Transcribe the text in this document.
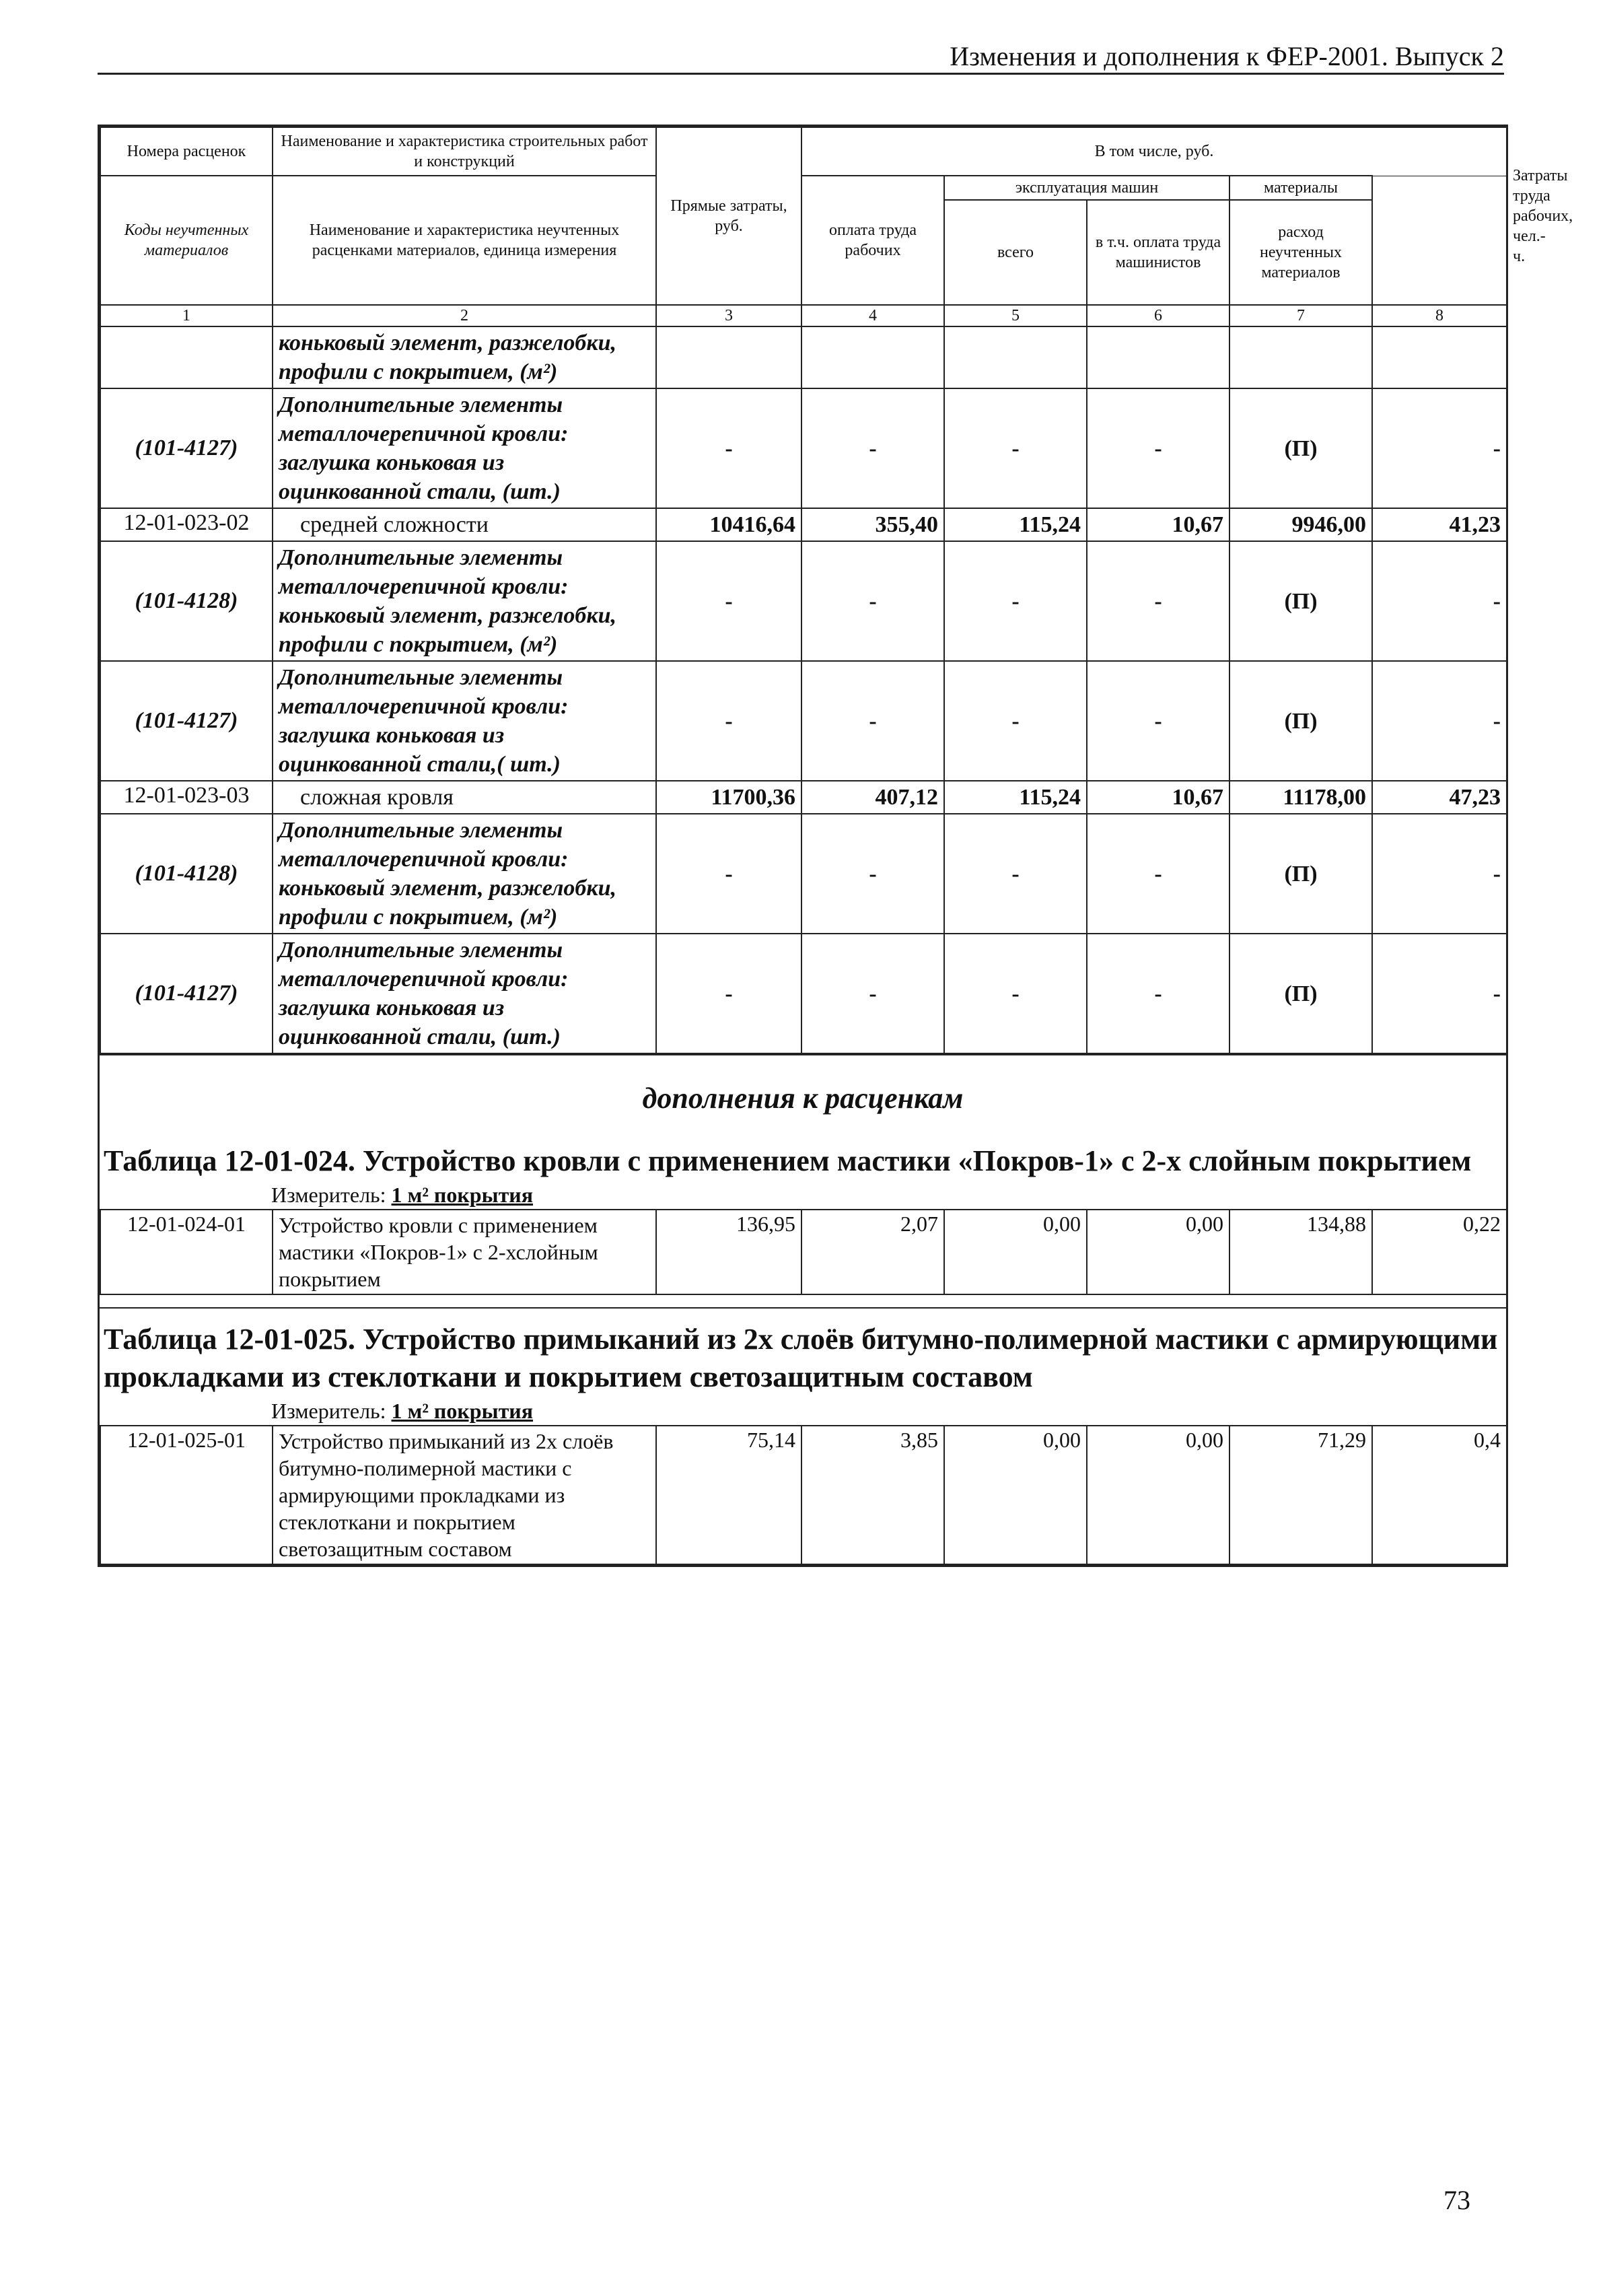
Изменения и дополнения к ФЕР-2001. Выпуск 2
Номера расценок	Наименование и характеристика строительных работ и конструкций	Прямые затраты, руб.	В том числе, руб.					Затраты труда рабочих, чел.-ч.
Коды неучтенных материалов	Наименование и характеристика неучтенных расценками материалов, единица измерения		оплата труда рабочих	эксплуатация машин		материалы	
				всего	в т.ч. оплата труда машинистов	расход неучтенных материалов		
1	2	3	4	5	6	7	8	
	коньковый элемент, разжелобки, профили с покрытием, (м²)							
(101-4127)	Дополнительные элементы металлочерепичной кровли: заглушка коньковая из оцинкованной стали, (шт.)	-	-	-	-	(П)	-	
12-01-023-02	средней сложности	10416,64	355,40	115,24	10,67	9946,00	41,23	
(101-4128)	Дополнительные элементы металлочерепичной кровли: коньковый элемент, разжелобки, профили с покрытием, (м²)	-	-	-	-	(П)	-	
(101-4127)	Дополнительные элементы металлочерепичной кровли: заглушка коньковая из оцинкованной стали,( шт.)	-	-	-	-	(П)	-	
12-01-023-03	сложная кровля	11700,36	407,12	115,24	10,67	11178,00	47,23	
(101-4128)	Дополнительные элементы металлочерепичной кровли: коньковый элемент, разжелобки, профили с покрытием, (м²)	-	-	-	-	(П)	-	
(101-4127)	Дополнительные элементы металлочерепичной кровли: заглушка коньковая из оцинкованной стали, (шт.)	-	-	-	-	(П)	-	
дополнения к расценкам
Таблица 12-01-024. Устройство кровли с применением мастики «Покров-1» с 2-х слойным покрытием
Измеритель: 1 м² покрытия
12-01-024-01	Устройство кровли с применением мастики «Покров-1» с 2-хслойным покрытием	136,95	2,07	0,00	0,00	134,88	0,22
Таблица 12-01-025. Устройство примыканий из 2х слоёв битумно-полимерной мастики с армирующими прокладками из стеклоткани и покрытием светозащитным составом
Измеритель: 1 м² покрытия
12-01-025-01	Устройство примыканий из 2х слоёв битумно-полимерной мастики с армирующими прокладками из стеклоткани и покрытием светозащитным составом	75,14	3,85	0,00	0,00	71,29	0,4
73
